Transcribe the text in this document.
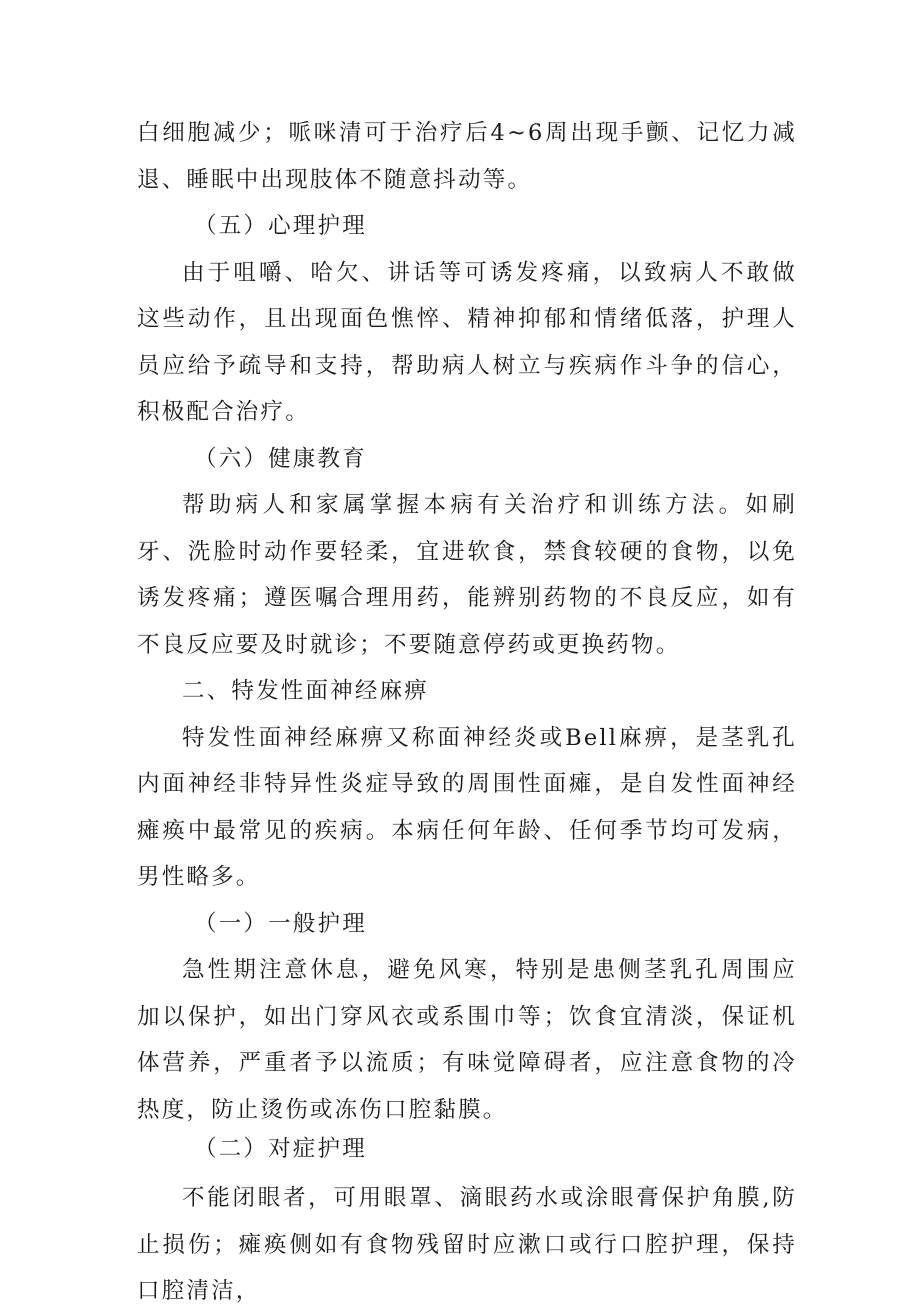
白细胞减少；哌咪清可于治疗后4~6周出现手颤、记忆力减退、睡眠中出现肢体不随意抖动等。

（五）心理护理

由于咀嚼、哈欠、讲话等可诱发疼痛，以致病人不敢做这些动作，且出现面色憔悴、精神抑郁和情绪低落，护理人员应给予疏导和支持，帮助病人树立与疾病作斗争的信心，积极配合治疗。

（六）健康教育

帮助病人和家属掌握本病有关治疗和训练方法。如刷牙、洗脸时动作要轻柔，宜进软食，禁食较硬的食物，以免诱发疼痛；遵医嘱合理用药，能辨别药物的不良反应，如有不良反应要及时就诊；不要随意停药或更换药物。

二、特发性面神经麻痹

特发性面神经麻痹又称面神经炎或Bell麻痹，是茎乳孔内面神经非特异性炎症导致的周围性面瘫，是自发性面神经瘫痪中最常见的疾病。本病任何年龄、任何季节均可发病，男性略多。

（一）一般护理

急性期注意休息，避免风寒，特别是患侧茎乳孔周围应加以保护，如出门穿风衣或系围巾等；饮食宜清淡，保证机体营养，严重者予以流质；有味觉障碍者，应注意食物的冷热度，防止烫伤或冻伤口腔黏膜。

（二）对症护理

不能闭眼者，可用眼罩、滴眼药水或涂眼膏保护角膜,防止损伤；瘫痪侧如有食物残留时应漱口或行口腔护理，保持口腔清洁，
